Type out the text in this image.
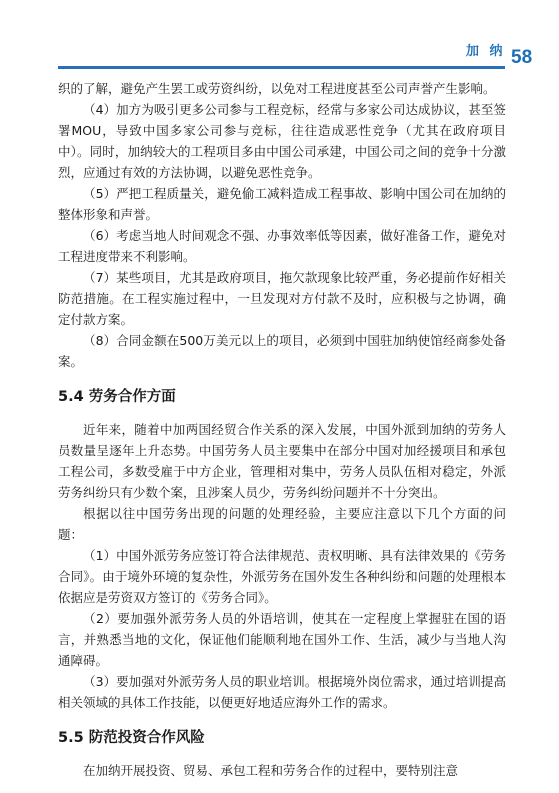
加 纳 58

织的了解，避免产生罢工或劳资纠纷，以免对工程进度甚至公司声誉产生影响。

（4）加方为吸引更多公司参与工程竞标，经常与多家公司达成协议，甚至签署MOU，导致中国多家公司参与竞标，往往造成恶性竞争（尤其在政府项目中）。同时，加纳较大的工程项目多由中国公司承建，中国公司之间的竞争十分激烈，应通过有效的方法协调，以避免恶性竞争。

（5）严把工程质量关，避免偷工减料造成工程事故、影响中国公司在加纳的整体形象和声誉。

（6）考虑当地人时间观念不强、办事效率低等因素，做好准备工作，避免对工程进度带来不利影响。

（7）某些项目，尤其是政府项目，拖欠款现象比较严重，务必提前作好相关防范措施。在工程实施过程中，一旦发现对方付款不及时，应积极与之协调，确定付款方案。

（8）合同金额在500万美元以上的项目，必须到中国驻加纳使馆经商参处备案。

5.4 劳务合作方面

近年来，随着中加两国经贸合作关系的深入发展，中国外派到加纳的劳务人员数量呈逐年上升态势。中国劳务人员主要集中在部分中国对加经援项目和承包工程公司，多数受雇于中方企业，管理相对集中，劳务人员队伍相对稳定，外派劳务纠纷只有少数个案，且涉案人员少，劳务纠纷问题并不十分突出。

根据以往中国劳务出现的问题的处理经验，主要应注意以下几个方面的问题：

（1）中国外派劳务应签订符合法律规范、责权明晰、具有法律效果的《劳务合同》。由于境外环境的复杂性，外派劳务在国外发生各种纠纷和问题的处理根本依据应是劳资双方签订的《劳务合同》。

（2）要加强外派劳务人员的外语培训，使其在一定程度上掌握驻在国的语言，并熟悉当地的文化，保证他们能顺利地在国外工作、生活，减少与当地人沟通障碍。

（3）要加强对外派劳务人员的职业培训。根据境外岗位需求，通过培训提高相关领域的具体工作技能，以便更好地适应海外工作的需求。

5.5 防范投资合作风险

在加纳开展投资、贸易、承包工程和劳务合作的过程中，要特别注意
